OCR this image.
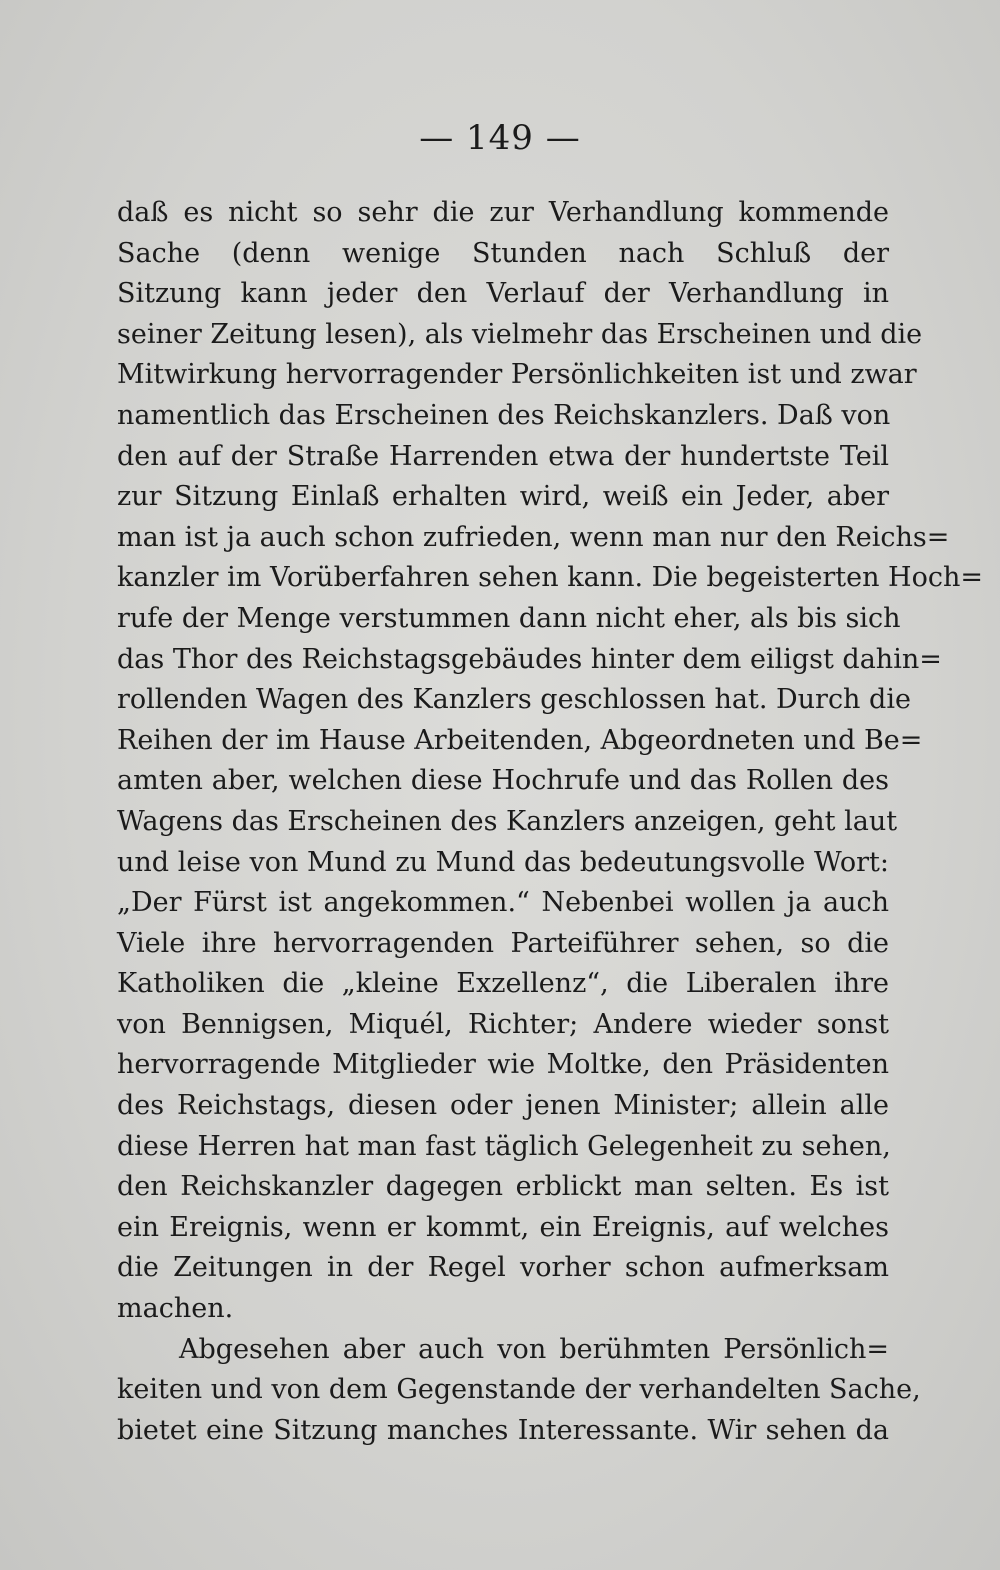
— 149 —
daß es nicht so sehr die zur Verhandlung kommende
Sache (denn wenige Stunden nach Schluß der
Sitzung kann jeder den Verlauf der Verhandlung in
seiner Zeitung lesen), als vielmehr das Erscheinen und die
Mitwirkung hervorragender Persönlichkeiten ist und zwar
namentlich das Erscheinen des Reichskanzlers. Daß von
den auf der Straße Harrenden etwa der hundertste Teil
zur Sitzung Einlaß erhalten wird, weiß ein Jeder, aber
man ist ja auch schon zufrieden, wenn man nur den Reichs=
kanzler im Vorüberfahren sehen kann. Die begeisterten Hoch=
rufe der Menge verstummen dann nicht eher, als bis sich
das Thor des Reichstagsgebäudes hinter dem eiligst dahin=
rollenden Wagen des Kanzlers geschlossen hat. Durch die
Reihen der im Hause Arbeitenden, Abgeordneten und Be=
amten aber, welchen diese Hochrufe und das Rollen des
Wagens das Erscheinen des Kanzlers anzeigen, geht laut
und leise von Mund zu Mund das bedeutungsvolle Wort:
„Der Fürst ist angekommen.“ Nebenbei wollen ja auch
Viele ihre hervorragenden Parteiführer sehen, so die
Katholiken die „kleine Exzellenz“, die Liberalen ihre
von Bennigsen, Miquél, Richter; Andere wieder sonst
hervorragende Mitglieder wie Moltke, den Präsidenten
des Reichstags, diesen oder jenen Minister; allein alle
diese Herren hat man fast täglich Gelegenheit zu sehen,
den Reichskanzler dagegen erblickt man selten. Es ist
ein Ereignis, wenn er kommt, ein Ereignis, auf welches
die Zeitungen in der Regel vorher schon aufmerksam
machen.
Abgesehen aber auch von berühmten Persönlich=
keiten und von dem Gegenstande der verhandelten Sache,
bietet eine Sitzung manches Interessante. Wir sehen da
